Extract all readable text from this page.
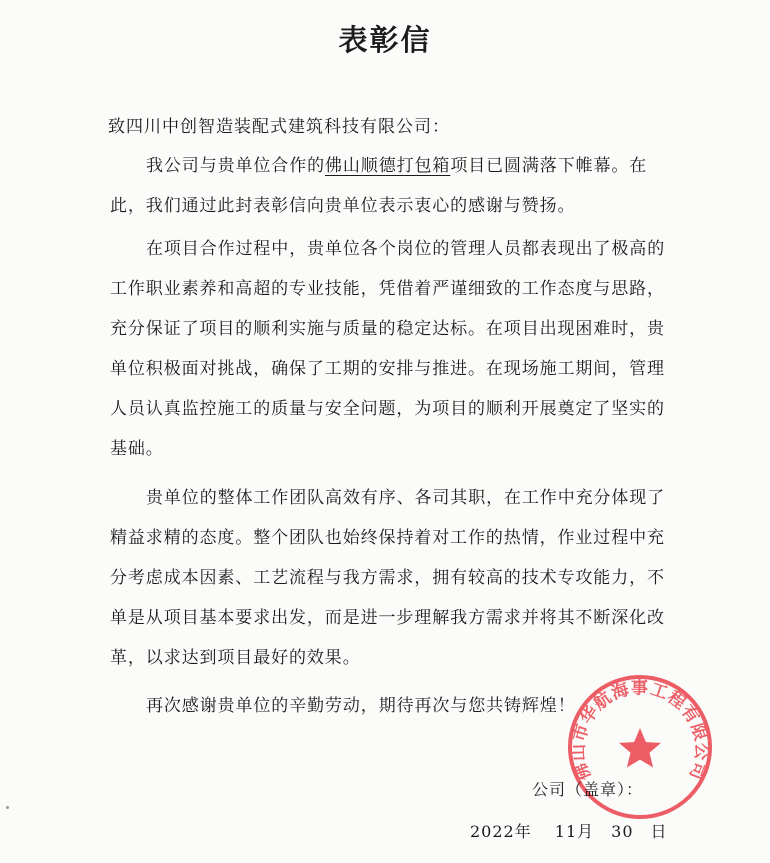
表彰信
致四川中创智造装配式建筑科技有限公司：

我公司与贵单位合作的佛山顺德打包箱项目已圆满落下帷幕。在此，我们通过此封表彰信向贵单位表示衷心的感谢与赞扬。

在项目合作过程中，贵单位各个岗位的管理人员都表现出了极高的工作职业素养和高超的专业技能，凭借着严谨细致的工作态度与思路，充分保证了项目的顺利实施与质量的稳定达标。在项目出现困难时，贵单位积极面对挑战，确保了工期的安排与推进。在现场施工期间，管理人员认真监控施工的质量与安全问题，为项目的顺利开展奠定了坚实的基础。

贵单位的整体工作团队高效有序、各司其职，在工作中充分体现了精益求精的态度。整个团队也始终保持着对工作的热情，作业过程中充分考虑成本因素、工艺流程与我方需求，拥有较高的技术专攻能力，不单是从项目基本要求出发，而是进一步理解我方需求并将其不断深化改革，以求达到项目最好的效果。

再次感谢贵单位的辛勤劳动，期待再次与您共铸辉煌！

佛山市华航海事工程有限公司
公司（盖章）：
2022年　 11月　30　日
